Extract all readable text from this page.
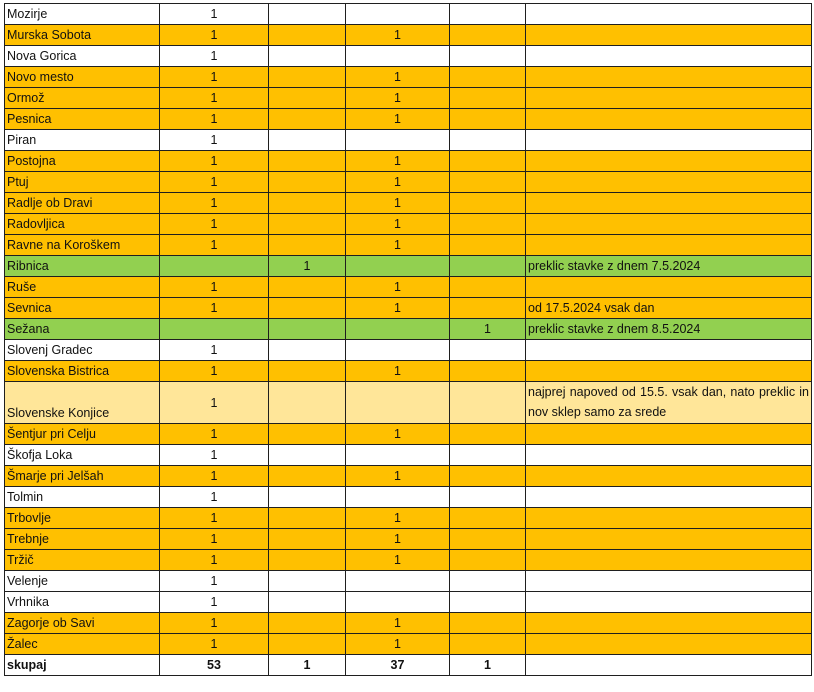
Mozirje	1				
Murska Sobota	1		1		
Nova Gorica	1				
Novo mesto	1		1		
Ormož	1		1		
Pesnica	1		1		
Piran	1				
Postojna	1		1		
Ptuj	1		1		
Radlje ob Dravi	1		1		
Radovljica	1		1		
Ravne na Koroškem	1		1		
Ribnica		1			preklic stavke z dnem 7.5.2024
Ruše	1		1		
Sevnica	1		1		od 17.5.2024 vsak dan
Sežana				1	preklic stavke z dnem 8.5.2024
Slovenj Gradec	1				
Slovenska Bistrica	1		1		
Slovenske Konjice	1				najprej napoved od 15.5. vsak dan, nato preklic in nov sklep samo za srede
Šentjur pri Celju	1		1		
Škofja Loka	1				
Šmarje pri Jelšah	1		1		
Tolmin	1				
Trbovlje	1		1		
Trebnje	1		1		
Tržič	1		1		
Velenje	1				
Vrhnika	1				
Zagorje ob Savi	1		1		
Žalec	1		1		
skupaj	53	1	37	1	
